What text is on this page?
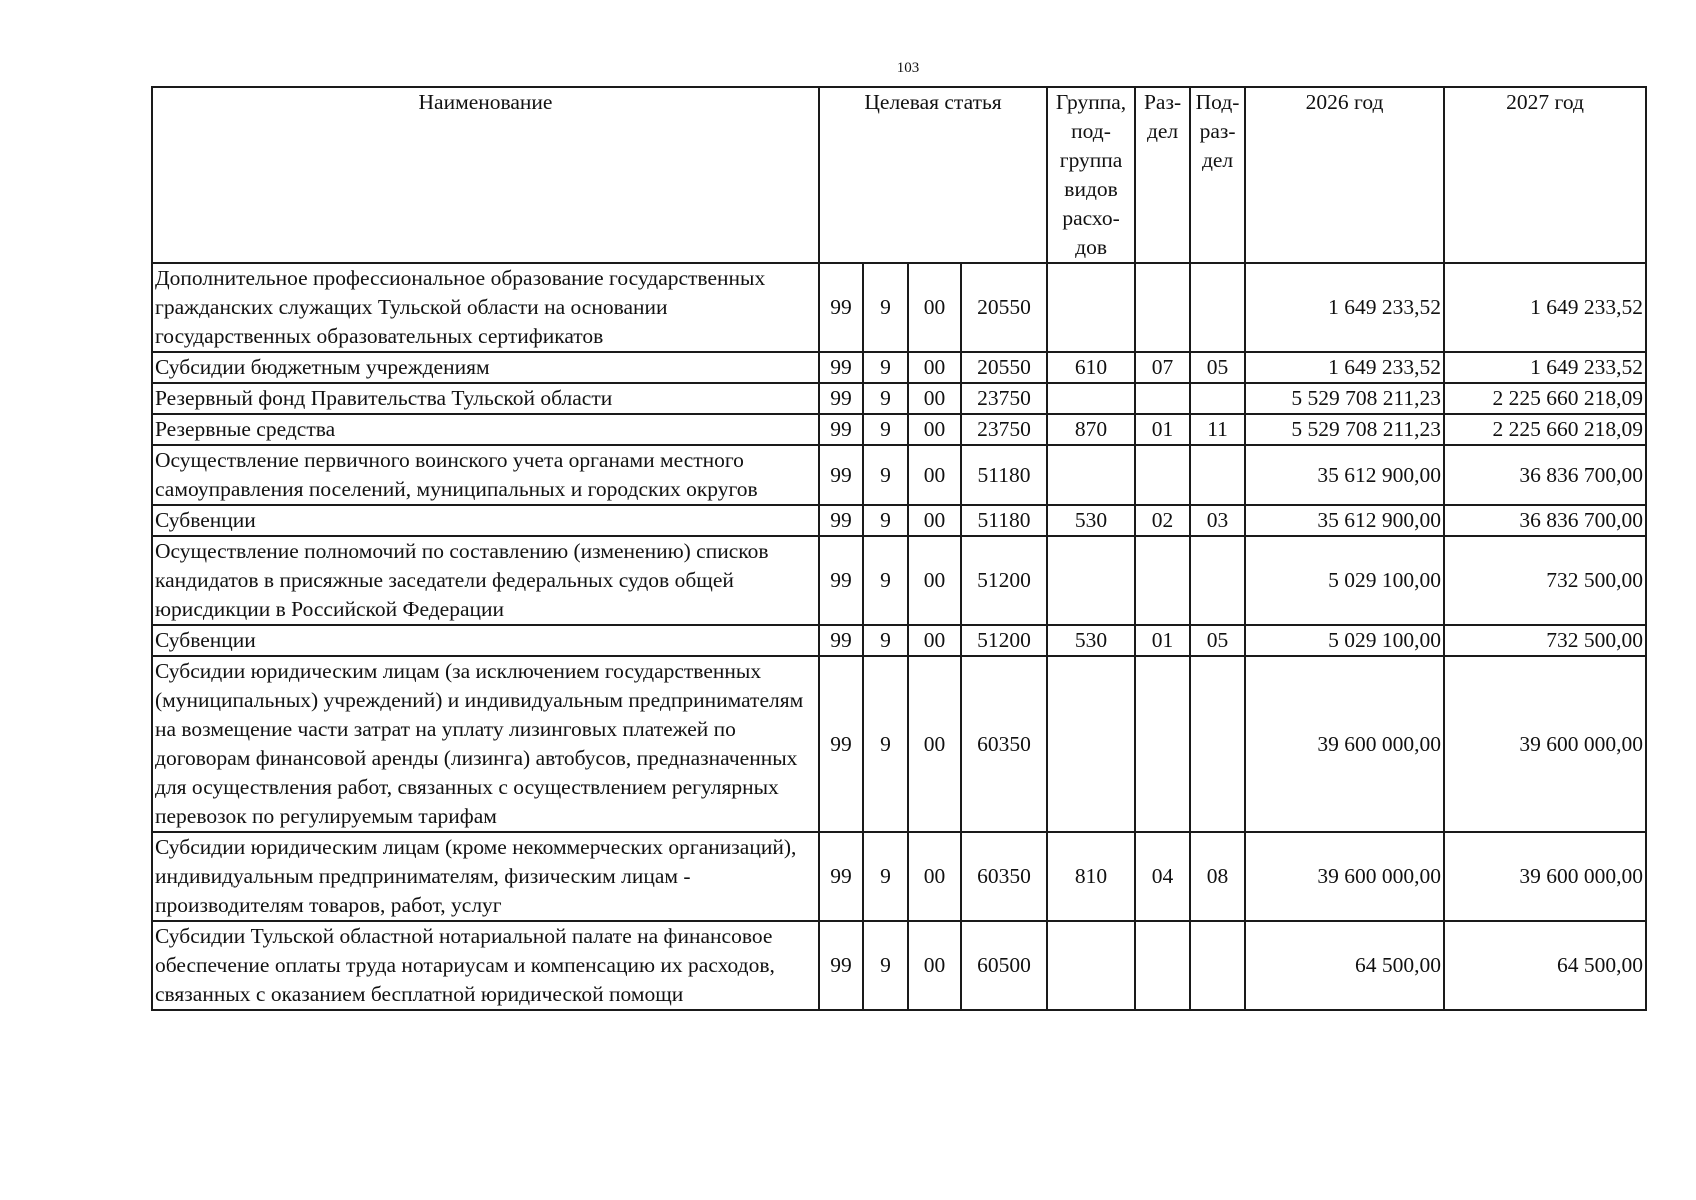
103
Наименование	Целевая статья				Группа, под- группа видов расхо- дов	Раз- дел	Под- раз- дел	2026 год	2027 год
Дополнительное профессиональное образование государственных гражданских служащих Тульской области на основании государственных образовательных сертификатов	99	9	00	20550				1 649 233,52	1 649 233,52
Субсидии бюджетным учреждениям	99	9	00	20550	610	07	05	1 649 233,52	1 649 233,52
Резервный фонд Правительства Тульской области	99	9	00	23750				5 529 708 211,23	2 225 660 218,09
Резервные средства	99	9	00	23750	870	01	11	5 529 708 211,23	2 225 660 218,09
Осуществление первичного воинского учета органами местного самоуправления поселений, муниципальных и городских округов	99	9	00	51180				35 612 900,00	36 836 700,00
Субвенции	99	9	00	51180	530	02	03	35 612 900,00	36 836 700,00
Осуществление полномочий по составлению (изменению) списков кандидатов в присяжные заседатели федеральных судов общей юрисдикции в Российской Федерации	99	9	00	51200				5 029 100,00	732 500,00
Субвенции	99	9	00	51200	530	01	05	5 029 100,00	732 500,00
Субсидии юридическим лицам (за исключением государственных (муниципальных) учреждений) и индивидуальным предпринимателям на возмещение части затрат на уплату лизинговых платежей по договорам финансовой аренды (лизинга) автобусов, предназначенных для осуществления работ, связанных с осуществлением регулярных перевозок по регулируемым тарифам	99	9	00	60350				39 600 000,00	39 600 000,00
Субсидии юридическим лицам (кроме некоммерческих организаций), индивидуальным предпринимателям, физическим лицам - производителям товаров, работ, услуг	99	9	00	60350	810	04	08	39 600 000,00	39 600 000,00
Субсидии Тульской областной нотариальной палате на финансовое обеспечение оплаты труда нотариусам и компенсацию их расходов, связанных с оказанием бесплатной юридической помощи	99	9	00	60500				64 500,00	64 500,00
